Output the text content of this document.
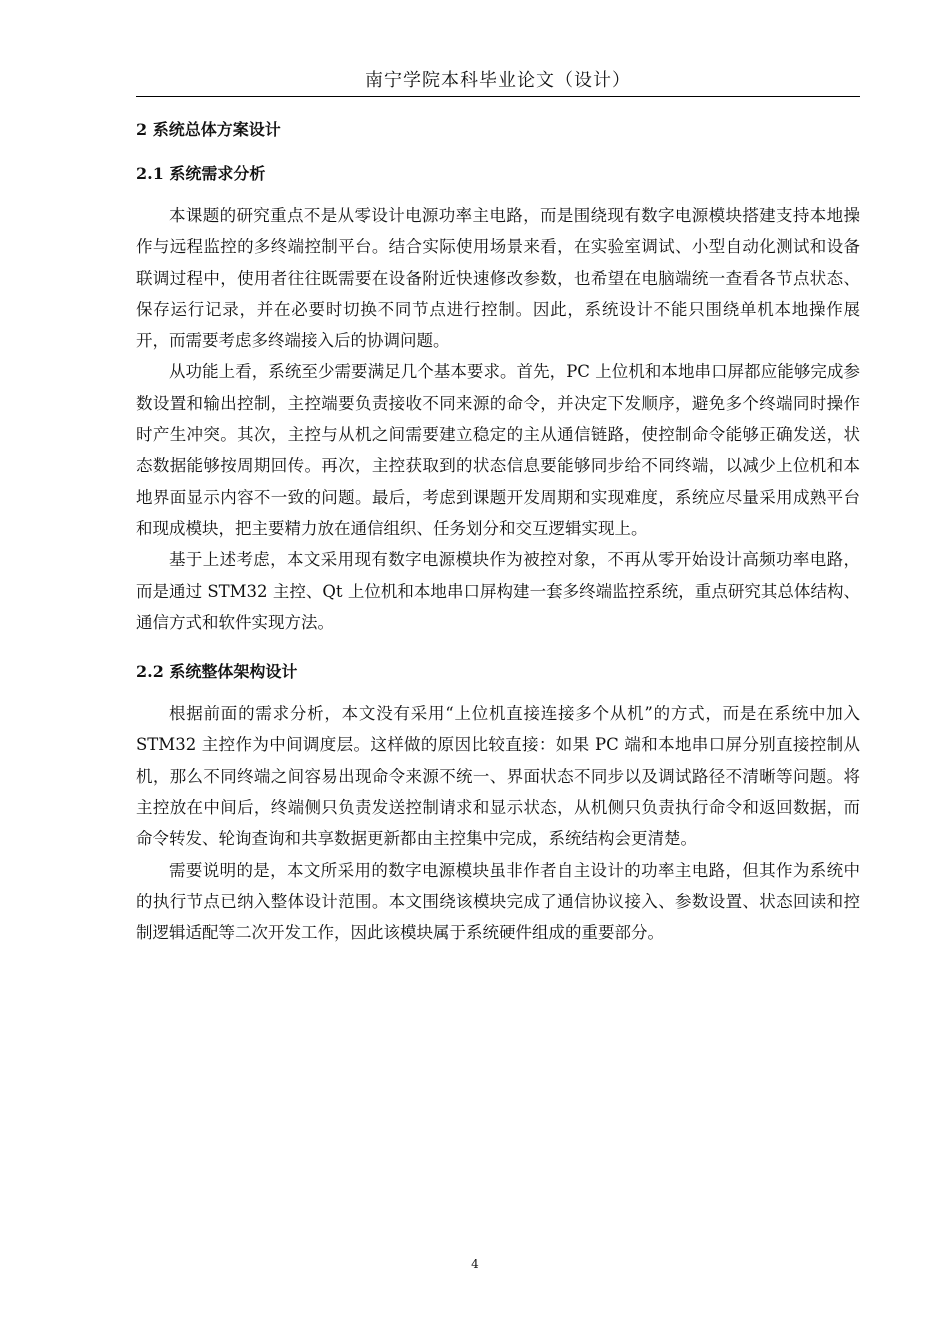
南宁学院本科毕业论文（设计）
2 系统总体方案设计
2.1 系统需求分析

本课题的研究重点不是从零设计电源功率主电路，而是围绕现有数字电源模块搭建支持本地操作与远程监控的多终端控制平台。结合实际使用场景来看，在实验室调试、小型自动化测试和设备联调过程中，使用者往往既需要在设备附近快速修改参数，也希望在电脑端统一查看各节点状态、保存运行记录，并在必要时切换不同节点进行控制。因此，系统设计不能只围绕单机本地操作展开，而需要考虑多终端接入后的协调问题。

从功能上看，系统至少需要满足几个基本要求。首先，PC 上位机和本地串口屏都应能够完成参数设置和输出控制，主控端要负责接收不同来源的命令，并决定下发顺序，避免多个终端同时操作时产生冲突。其次，主控与从机之间需要建立稳定的主从通信链路，使控制命令能够正确发送，状态数据能够按周期回传。再次，主控获取到的状态信息要能够同步给不同终端，以减少上位机和本地界面显示内容不一致的问题。最后，考虑到课题开发周期和实现难度，系统应尽量采用成熟平台和现成模块，把主要精力放在通信组织、任务划分和交互逻辑实现上。

基于上述考虑，本文采用现有数字电源模块作为被控对象，不再从零开始设计高频功率电路，而是通过 STM32 主控、Qt 上位机和本地串口屏构建一套多终端监控系统，重点研究其总体结构、通信方式和软件实现方法。

2.2 系统整体架构设计

根据前面的需求分析，本文没有采用“上位机直接连接多个从机”的方式，而是在系统中加入 STM32 主控作为中间调度层。这样做的原因比较直接：如果 PC 端和本地串口屏分别直接控制从机，那么不同终端之间容易出现命令来源不统一、界面状态不同步以及调试路径不清晰等问题。将主控放在中间后，终端侧只负责发送控制请求和显示状态，从机侧只负责执行命令和返回数据，而命令转发、轮询查询和共享数据更新都由主控集中完成，系统结构会更清楚。

需要说明的是，本文所采用的数字电源模块虽非作者自主设计的功率主电路，但其作为系统中的执行节点已纳入整体设计范围。本文围绕该模块完成了通信协议接入、参数设置、状态回读和控制逻辑适配等二次开发工作，因此该模块属于系统硬件组成的重要部分。

4
